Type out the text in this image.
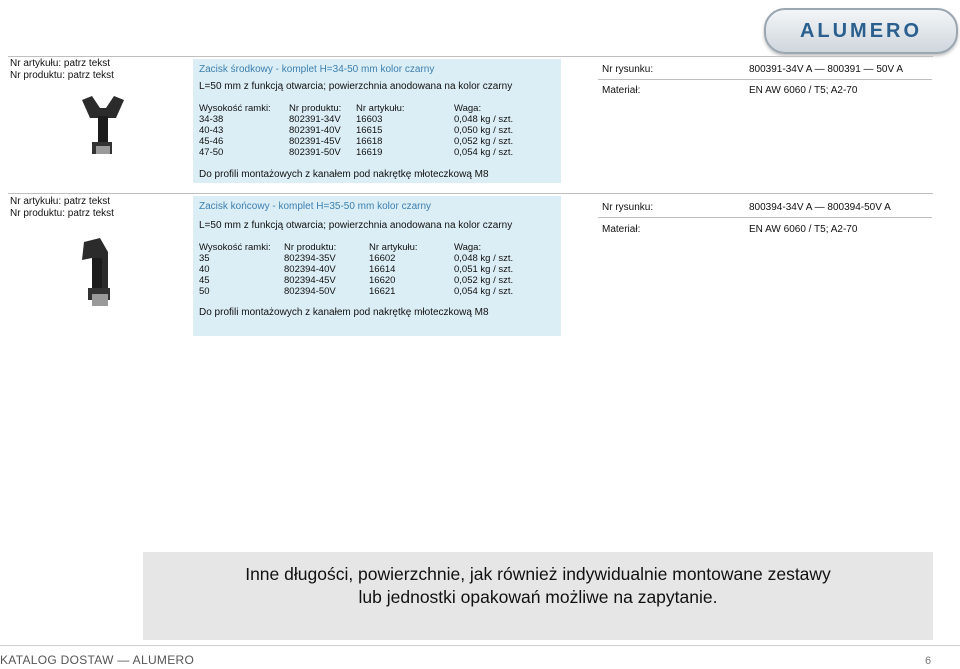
ALUMERO
Nr artykułu: patrz tekst
Nr produktu: patrz tekst
Zacisk środkowy - komplet H=34-50 mm kolor czarny
L=50 mm z funkcją otwarcia; powierzchnia anodowana na kolor czarny
Wysokość ramki: Nr produktu: Nr artykułu:	Waga:
34-38	802391-34V 16603	0,048 kg / szt.
40-43	802391-40V 16615	0,050 kg / szt.
45-46	802391-45V 16618	0,052 kg / szt.
47-50	802391-50V 16619	0,054 kg / szt.
Do profili montażowych z kanałem pod nakrętkę młoteczkową M8
Nr rysunku:	800391-34V A — 800391 — 50V A
Materiał:	EN AW 6060 / T5; A2-70
Nr artykułu: patrz tekst
Nr produktu: patrz tekst
Zacisk końcowy - komplet H=35-50 mm kolor czarny
L=50 mm z funkcją otwarcia; powierzchnia anodowana na kolor czarny
Wysokość ramki: Nr produktu:	Nr artykułu:	Waga:
35	802394-35V	16602	0,048 kg / szt.
40	802394-40V	16614	0,051 kg / szt.
45	802394-45V	16620	0,052 kg / szt.
50	802394-50V	16621	0,054 kg / szt.
Do profili montażowych z kanałem pod nakrętkę młoteczkową M8
Nr rysunku:	800394-34V A — 800394-50V A
Materiał:	EN AW 6060 / T5; A2-70
Inne długości, powierzchnie, jak również indywidualnie montowane zestawy
lub jednostki opakowań możliwe na zapytanie.
KATALOG DOSTAW — ALUMERO	6
